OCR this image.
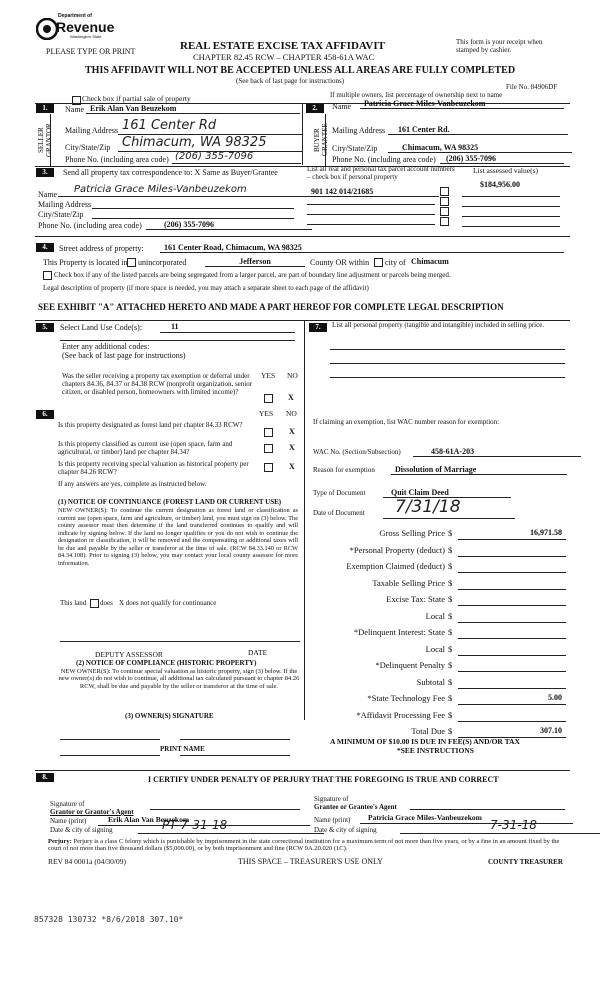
Department of
Revenue
Washington State
PLEASE TYPE OR PRINT	REAL ESTATE EXCISE TAX AFFIDAVIT
CHAPTER 82.45 RCW – CHAPTER 458-61A WAC
This form is your receipt when stamped by cashier.
THIS AFFIDAVIT WILL NOT BE ACCEPTED UNLESS ALL AREAS ARE FULLY COMPLETED
(See back of last page for instructions)
File No. 84906DF
Check box if partial sale of property	If multiple owners, list percentage of ownership next to name
1.
SELLER GRANTOR
Name Erik Alan Van Beuzekom
Mailing Address 161 Center Rd
City/State/Zip Chimacum, WA 98325
Phone No. (including area code) (206) 355-7096
2.
BUYER GRANTEE
Name	Patricia Grace Miles-Vanbeuzekom
Mailing Address	161 Center Rd.
City/State/Zip	Chimacum, WA 98325
Phone No. (including area code)	(206) 355-7096
3.	Send all property tax correspondence to: X Same as Buyer/Grantee	List all real and personal tax parcel account numbers – check box if personal property
List assessed value(s)
$184,956.00
Name	Patricia Grace Miles-Vanbeuzekom
Mailing Address
City/State/Zip
Phone No. (including area code)	(206) 355-7096
901 142 014/21685
4.	Street address of property:	161 Center Road, Chimacum, WA 98325
This Property is located in unincorporated	Jefferson	County OR within city of Chimacum
Check box if any of the listed parcels are being segregated from a larger parcel, are part of boundary line adjustment or parcels being merged.
Legal description of property (if more space is needed, you may attach a separate sheet to each page of the affidavit)
SEE EXHIBIT "A" ATTACHED HERETO AND MADE A PART HEREOF FOR COMPLETE LEGAL DESCRIPTION
5.	Select Land Use Code(s):	11
Enter any additional codes:
(See back of last page for instructions)
YES NO
Was the seller receiving a property tax exemption or deferral under chapters 84.36, 84.37 or 84.38 RCW (nonprofit organization, senior citizen, or disabled person, homeowners with limited income)?
X
6.	YES NO
Is this property designated as forest land per chapter 84.33 RCW?
X
Is this property classified as current use (open space, farm and agricultural, or timber) land per chapter 84.34?
X
Is this property receiving special valuation as historical property per chapter 84.26 RCW?
X
If any answers are yes, complete as instructed below.
(1) NOTICE OF CONTINUANCE (FOREST LAND OR CURRENT USE)
NEW OWNER(S): To continue the current designation as forest land or classification as current use (open space, farm and agriculture, or timber) land, you must sign on (3) below. The county assessor must then determine if the land transferred continues to qualify and will indicate by signing below. If the land no longer qualifies or you do not wish to continue the designation or classification, it will be removed and the compensating or additional taxes will be due and payable by the seller or transferor at the time of sale. (RCW 84.33.140 or RCW 84.34.108). Prior to signing (3) below, you may contact your local county assessor for more information.
This land does X does not qualify for continuance
DEPUTY ASSESSOR	DATE
(2) NOTICE OF COMPLIANCE (HISTORIC PROPERTY)
NEW OWNER(S): To continue special valuation as historic property, sign (3) below. If the new owner(s) do not wish to continue, all additional tax calculated pursuant to chapter 84.26 RCW, shall be due and payable by the seller or transferor at the time of sale.
(3) OWNER(S) SIGNATURE
PRINT NAME
7.	List all personal property (tangible and intangible) included in selling price.
If claiming an exemption, list WAC number reason for exemption:
WAC No. (Section/Subsection)	458-61A-203
Reason for exemption	Dissolution of Marriage
Type of Document	Quit Claim Deed
Date of Document	7/31/18
Gross Selling Price $	16,971.58
*Personal Property (deduct) $
Exemption Claimed (deduct) $
Taxable Selling Price $
Excise Tax: State $
Local $
*Delinquent Interest: State $
Local $
*Delinquent Penalty $
Subtotal $
*State Technology Fee $	5.00
*Affidavit Processing Fee $
Total Due $	307.10
A MINIMUM OF $10.00 IS DUE IN FEE(S) AND/OR TAX
*SEE INSTRUCTIONS
8.	I CERTIFY UNDER PENALTY OF PERJURY THAT THE FOREGOING IS TRUE AND CORRECT
Signature of
Grantor or Grantor's Agent
Name (print)	Erik Alan Van Beuzekom
Date & city of signing	PT 7-31-18
Signature of
Grantee or Grantee's Agent
Name (print)	Patricia Grace Miles-Vanbeuzekom
Date & city of signing	7-31-18
Perjury: Perjury is a class C felony which is punishable by imprisonment in the state correctional institution for a maximum term of not more than five years, or by a fine in an amount fixed by the court of not more than five thousand dollars ($5,000.00), or by both imprisonment and fine (RCW 9A.20.020 (1C).
REV 84 0001a (04/30/09)	THIS SPACE – TREASURER'S USE ONLY	COUNTY TREASURER
857328 130732 *8/6/2018 307.10*
